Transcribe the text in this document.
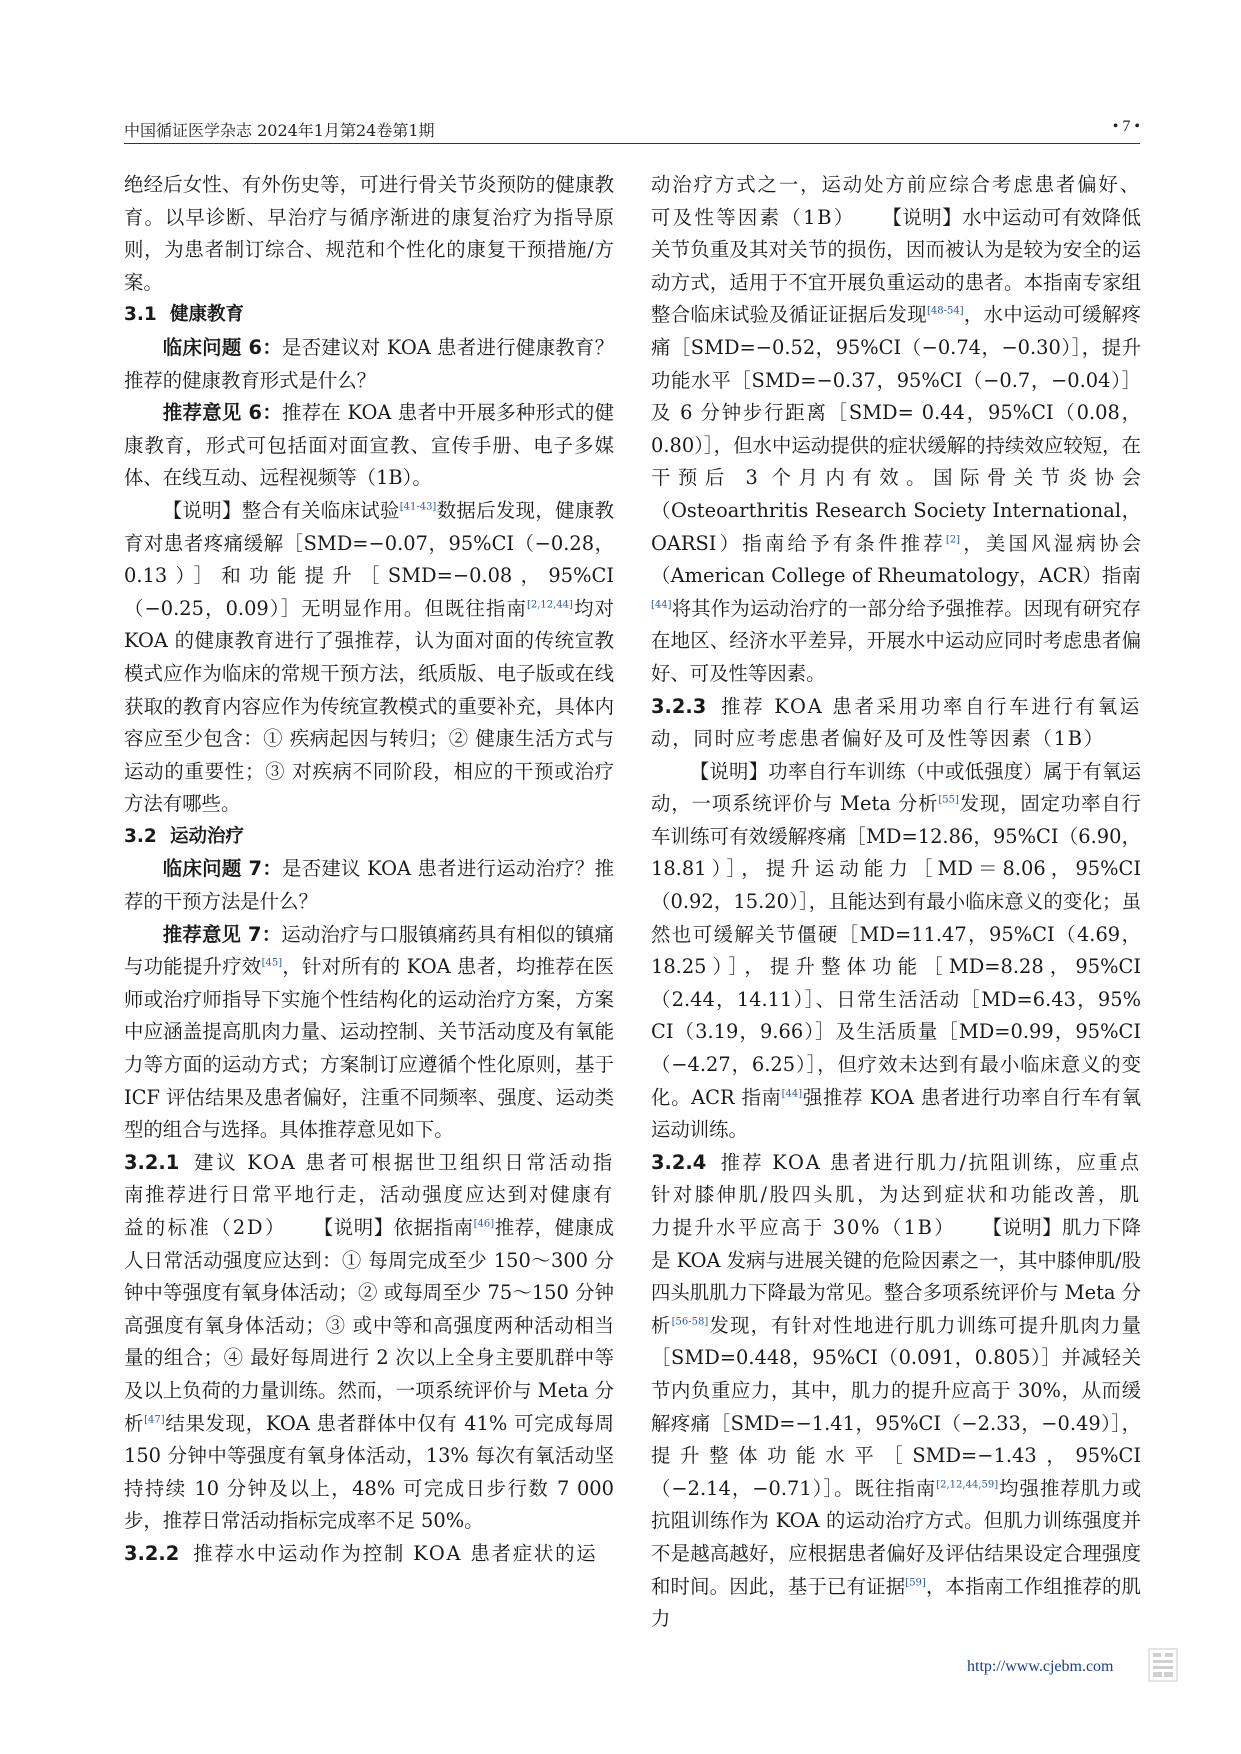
中国循证医学杂志 2024年1月第24卷第1期	• 7 •

绝经后女性、有外伤史等，可进行骨关节炎预防的健康教育。以早诊断、早治疗与循序渐进的康复治疗为指导原则，为患者制订综合、规范和个性化的康复干预措施/方案。

3.1 健康教育

临床问题 6：是否建议对 KOA 患者进行健康教育？推荐的健康教育形式是什么？

推荐意见 6：推荐在 KOA 患者中开展多种形式的健康教育，形式可包括面对面宣教、宣传手册、电子多媒体、在线互动、远程视频等（1B）。

【说明】整合有关临床试验[41-43]数据后发现，健康教育对患者疼痛缓解［SMD=−0.07，95%CI（−0.28，0.13）］和功能提升［SMD=−0.08，95%CI（−0.25，0.09）］无明显作用。但既往指南[2,12,44]均对 KOA 的健康教育进行了强推荐，认为面对面的传统宣教模式应作为临床的常规干预方法，纸质版、电子版或在线获取的教育内容应作为传统宣教模式的重要补充，具体内容应至少包含：① 疾病起因与转归；② 健康生活方式与运动的重要性；③ 对疾病不同阶段，相应的干预或治疗方法有哪些。

3.2 运动治疗

临床问题 7：是否建议 KOA 患者进行运动治疗？推荐的干预方法是什么？

推荐意见 7：运动治疗与口服镇痛药具有相似的镇痛与功能提升疗效[45]，针对所有的 KOA 患者，均推荐在医师或治疗师指导下实施个性结构化的运动治疗方案，方案中应涵盖提高肌肉力量、运动控制、关节活动度及有氧能力等方面的运动方式；方案制订应遵循个性化原则，基于 ICF 评估结果及患者偏好，注重不同频率、强度、运动类型的组合与选择。具体推荐意见如下。

3.2.1 建议 KOA 患者可根据世卫组织日常活动指南推荐进行日常平地行走，活动强度应达到对健康有益的标准（2D） 【说明】依据指南[46]推荐，健康成人日常活动强度应达到：① 每周完成至少 150～300 分钟中等强度有氧身体活动；② 或每周至少 75～150 分钟高强度有氧身体活动；③ 或中等和高强度两种活动相当量的组合；④ 最好每周进行 2 次以上全身主要肌群中等及以上负荷的力量训练。然而，一项系统评价与 Meta 分析[47]结果发现，KOA 患者群体中仅有 41% 可完成每周 150 分钟中等强度有氧身体活动，13% 每次有氧活动坚持持续 10 分钟及以上，48% 可完成日步行数 7 000 步，推荐日常活动指标完成率不足 50%。

3.2.2 推荐水中运动作为控制 KOA 患者症状的运

动治疗方式之一，运动处方前应综合考虑患者偏好、可及性等因素（1B） 【说明】水中运动可有效降低关节负重及其对关节的损伤，因而被认为是较为安全的运动方式，适用于不宜开展负重运动的患者。本指南专家组整合临床试验及循证证据后发现[48-54]，水中运动可缓解疼痛［SMD=−0.52，95%CI（−0.74，−0.30）］，提升功能水平［SMD=−0.37，95%CI（−0.7，−0.04）］及 6 分钟步行距离［SMD= 0.44，95%CI（0.08，0.80）］，但水中运动提供的症状缓解的持续效应较短，在干预后 3 个月内有效。国际骨关节炎协会（Osteoarthritis Research Society International，OARSI）指南给予有条件推荐[2]，美国风湿病协会（American College of Rheumatology，ACR）指南[44]将其作为运动治疗的一部分给予强推荐。因现有研究存在地区、经济水平差异，开展水中运动应同时考虑患者偏好、可及性等因素。

3.2.3 推荐 KOA 患者采用功率自行车进行有氧运动，同时应考虑患者偏好及可及性等因素（1B）

【说明】功率自行车训练（中或低强度）属于有氧运动，一项系统评价与 Meta 分析[55]发现，固定功率自行车训练可有效缓解疼痛［MD=12.86，95%CI（6.90，18.81）］，提升运动能力［MD＝8.06，95%CI（0.92，15.20）］，且能达到有最小临床意义的变化；虽然也可缓解关节僵硬［MD=11.47，95%CI（4.69，18.25）］，提升整体功能［MD=8.28，95%CI（2.44，14.11）］、日常生活活动［MD=6.43，95% CI（3.19，9.66）］及生活质量［MD=0.99，95%CI（−4.27，6.25）］，但疗效未达到有最小临床意义的变化。ACR 指南[44]强推荐 KOA 患者进行功率自行车有氧运动训练。

3.2.4 推荐 KOA 患者进行肌力/抗阻训练，应重点针对膝伸肌/股四头肌，为达到症状和功能改善，肌力提升水平应高于 30%（1B） 【说明】肌力下降是 KOA 发病与进展关键的危险因素之一，其中膝伸肌/股四头肌肌力下降最为常见。整合多项系统评价与 Meta 分析[56-58]发现，有针对性地进行肌力训练可提升肌肉力量［SMD=0.448，95%CI（0.091，0.805）］并减轻关节内负重应力，其中，肌力的提升应高于 30%，从而缓解疼痛［SMD=−1.41，95%CI（−2.33，−0.49）］，提升整体功能水平［SMD=−1.43，95%CI（−2.14，−0.71）］。既往指南[2,12,44,59]均强推荐肌力或抗阻训练作为 KOA 的运动治疗方式。但肌力训练强度并不是越高越好，应根据患者偏好及评估结果设定合理强度和时间。因此，基于已有证据[59]，本指南工作组推荐的肌力

http://www.cjebm.com
